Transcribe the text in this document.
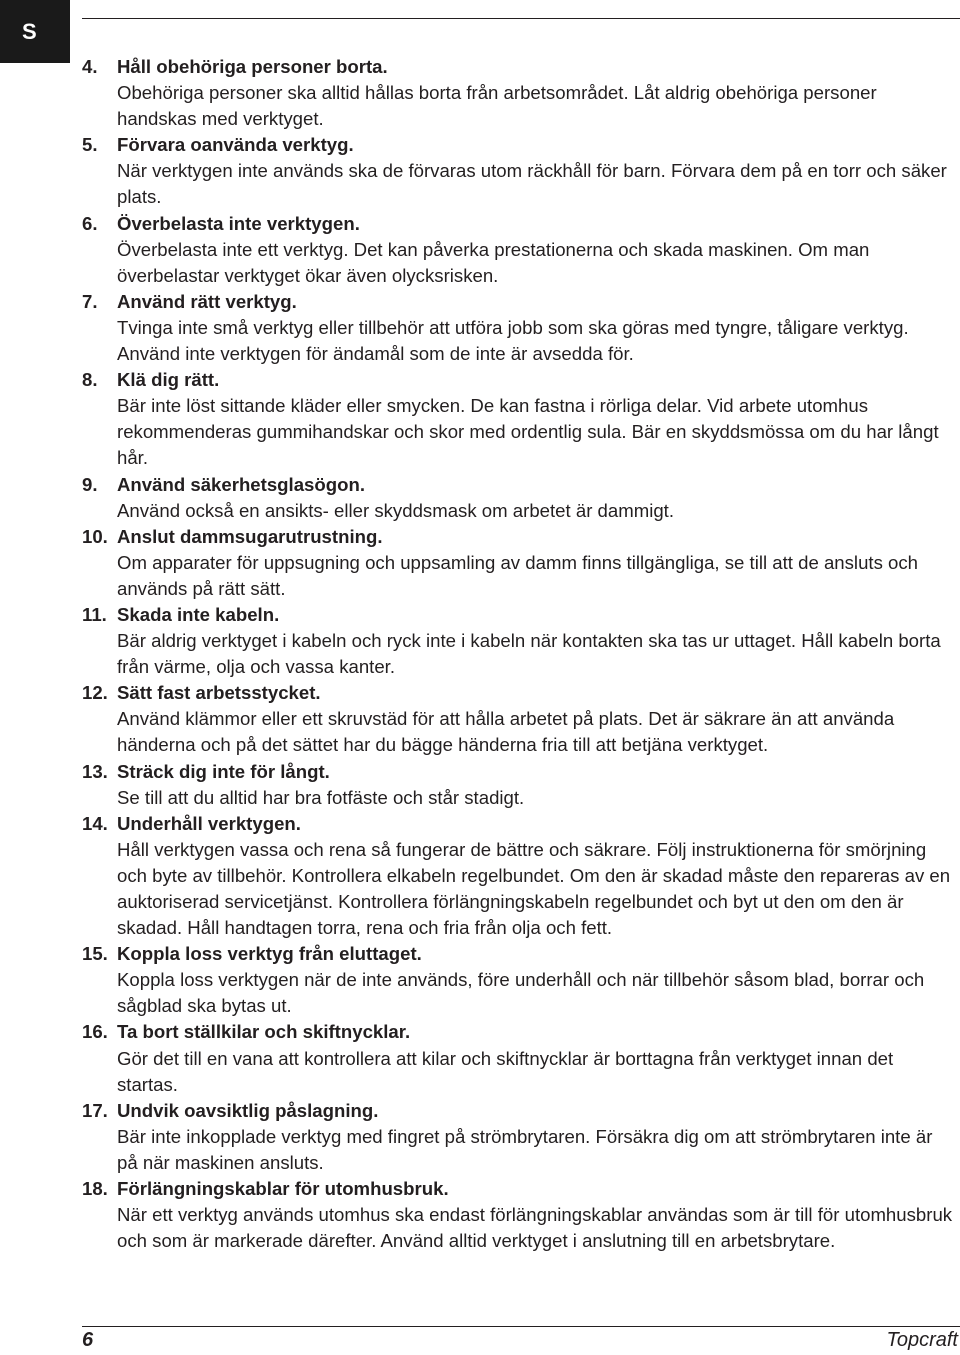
S
4.	Håll obehöriga personer borta.
Obehöriga personer ska alltid hållas borta från arbetsområdet. Låt aldrig obehöriga personer handskas med verktyget.
5.	Förvara oanvända verktyg.
När verktygen inte används ska de förvaras utom räckhåll för barn. Förvara dem på en torr och säker plats.
6.	Överbelasta inte verktygen.
Överbelasta inte ett verktyg. Det kan påverka prestationerna och skada maskinen. Om man överbelastar verktyget ökar även olycksrisken.
7.	Använd rätt verktyg.
Tvinga inte små verktyg eller tillbehör att utföra jobb som ska göras med tyngre, tåligare verktyg. Använd inte verktygen för ändamål som de inte är avsedda för.
8.	Klä dig rätt.
Bär inte löst sittande kläder eller smycken. De kan fastna i rörliga delar. Vid arbete utomhus rekommenderas gummihandskar och skor med ordentlig sula. Bär en skyddsmössa om du har långt hår.
9.	Använd säkerhetsglasögon.
Använd också en ansikts- eller skyddsmask om arbetet är dammigt.
10. Anslut dammsugarutrustning.
Om apparater för uppsugning och uppsamling av damm finns tillgängliga, se till att de ansluts och används på rätt sätt.
11. Skada inte kabeln.
Bär aldrig verktyget i kabeln och ryck inte i kabeln när kontakten ska tas ur uttaget. Håll kabeln borta från värme, olja och vassa kanter.
12. Sätt fast arbetsstycket.
Använd klämmor eller ett skruvstäd för att hålla arbetet på plats. Det är säkrare än att använda händerna och på det sättet har du bägge händerna fria till att betjäna verktyget.
13. Sträck dig inte för långt.
Se till att du alltid har bra fotfäste och står stadigt.
14. Underhåll verktygen.
Håll verktygen vassa och rena så fungerar de bättre och säkrare. Följ instruktionerna för smörjning och byte av tillbehör. Kontrollera elkabeln regelbundet. Om den är skadad måste den repareras av en auktoriserad servicetjänst. Kontrollera förlängningskabeln regelbundet och byt ut den om den är skadad. Håll handtagen torra, rena och fria från olja och fett.
15. Koppla loss verktyg från eluttaget.
Koppla loss verktygen när de inte används, före underhåll och när tillbehör såsom blad, borrar och sågblad ska bytas ut.
16. Ta bort ställkilar och skiftnycklar.
Gör det till en vana att kontrollera att kilar och skiftnycklar är borttagna från verktyget innan det startas.
17. Undvik oavsiktlig påslagning.
Bär inte inkopplade verktyg med fingret på strömbrytaren. Försäkra dig om att strömbrytaren inte är på när maskinen ansluts.
18. Förlängningskablar för utomhusbruk.
När ett verktyg används utomhus ska endast förlängningskablar användas som är till för utomhusbruk och som är markerade därefter. Använd alltid verktyget i anslutning till en arbetsbrytare.
6	Topcraft
